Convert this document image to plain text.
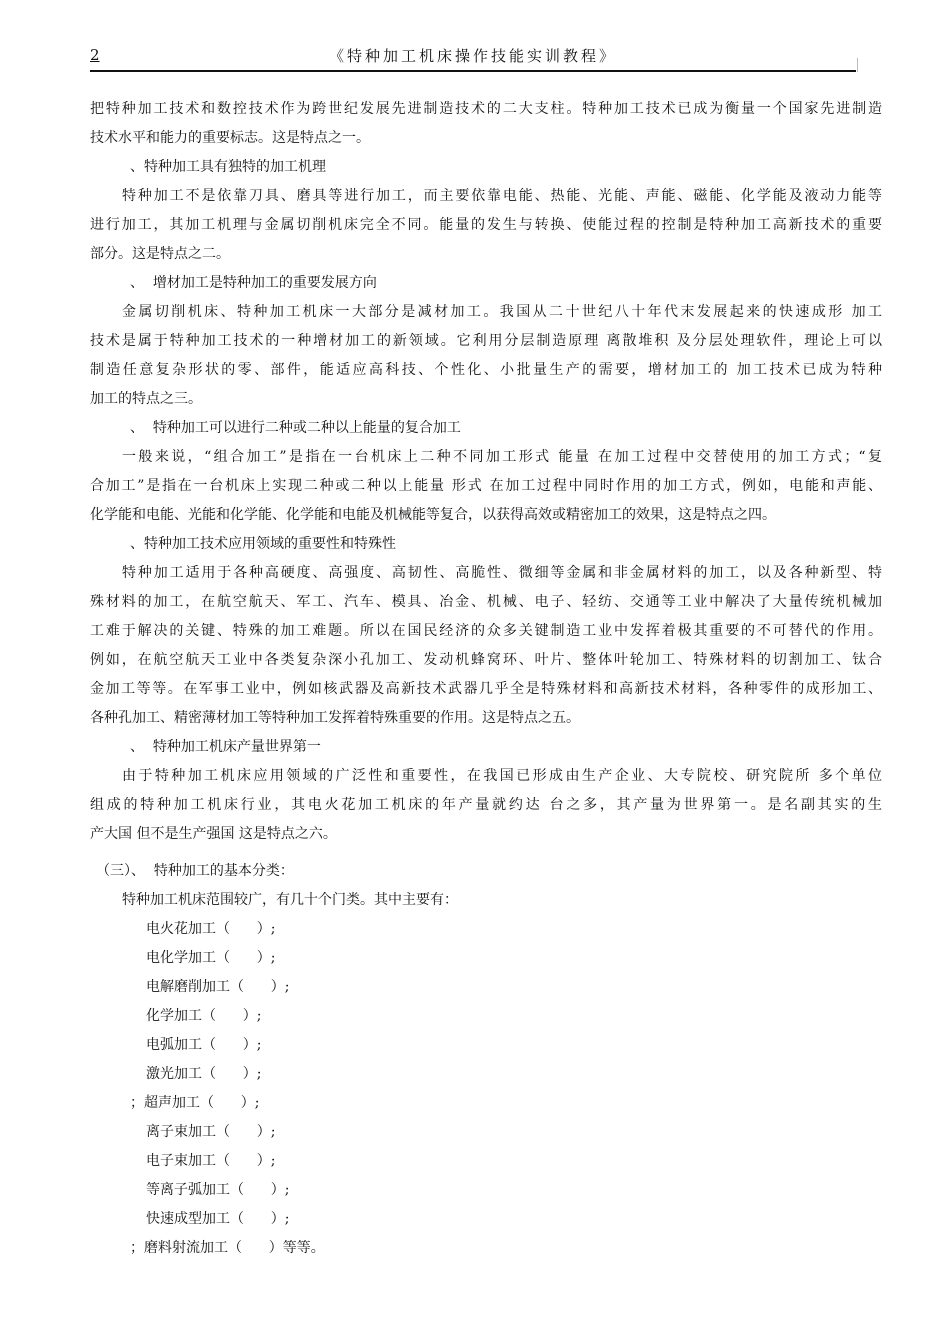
2	《特种加工机床操作技能实训教程》
把特种加工技术和数控技术作为跨世纪发展先进制造技术的二大支柱。特种加工技术已成为衡量一个国家先进制造
技术水平和能力的重要标志。这是特点之一。
、特种加工具有独特的加工机理
特种加工不是依靠刀具、磨具等进行加工，而主要依靠电能、热能、光能、声能、磁能、化学能及液动力能等
进行加工，其加工机理与金属切削机床完全不同。能量的发生与转换、使能过程的控制是特种加工高新技术的重要
部分。这是特点之二。
、  增材加工是特种加工的重要发展方向
金属切削机床、特种加工机床一大部分是减材加工。我国从二十世纪八十年代末发展起来的快速成形 加工
技术是属于特种加工技术的一种增材加工的新领域。它利用分层制造原理 离散堆积 及分层处理软件，理论上可以
制造任意复杂形状的零、部件，能适应高科技、个性化、小批量生产的需要，增材加工的 加工技术已成为特种
加工的特点之三。
、  特种加工可以进行二种或二种以上能量的复合加工
一般来说，“组合加工”是指在一台机床上二种不同加工形式 能量 在加工过程中交替使用的加工方式；“复
合加工”是指在一台机床上实现二种或二种以上能量 形式 在加工过程中同时作用的加工方式，例如，电能和声能、
化学能和电能、光能和化学能、化学能和电能及机械能等复合，以获得高效或精密加工的效果，这是特点之四。
、特种加工技术应用领域的重要性和特殊性
特种加工适用于各种高硬度、高强度、高韧性、高脆性、微细等金属和非金属材料的加工，以及各种新型、特
殊材料的加工，在航空航天、军工、汽车、模具、冶金、机械、电子、轻纺、交通等工业中解决了大量传统机械加
工难于解决的关键、特殊的加工难题。所以在国民经济的众多关键制造工业中发挥着极其重要的不可替代的作用。
例如，在航空航天工业中各类复杂深小孔加工、发动机蜂窝环、叶片、整体叶轮加工、特殊材料的切割加工、钛合
金加工等等。在军事工业中，例如核武器及高新技术武器几乎全是特殊材料和高新技术材料，各种零件的成形加工、
各种孔加工、精密薄材加工等特种加工发挥着特殊重要的作用。这是特点之五。
、  特种加工机床产量世界第一
由于特种加工机床应用领域的广泛性和重要性，在我国已形成由生产企业、大专院校、研究院所 多个单位
组成的特种加工机床行业，其电火花加工机床的年产量就约达 台之多，其产量为世界第一。是名副其实的生
产大国 但不是生产强国 这是特点之六。
（三）、  特种加工的基本分类：
特种加工机床范围较广，有几十个门类。其中主要有：
电火花加工（      ）;
电化学加工（      ）;
电解磨削加工（      ）;
化学加工（      ）;
电弧加工（      ）;
激光加工（      ）;
；超声加工（      ）;
离子束加工（      ）;
电子束加工（      ）;
等离子弧加工（      ）;
快速成型加工（      ）;
；磨料射流加工（      ）等等。
